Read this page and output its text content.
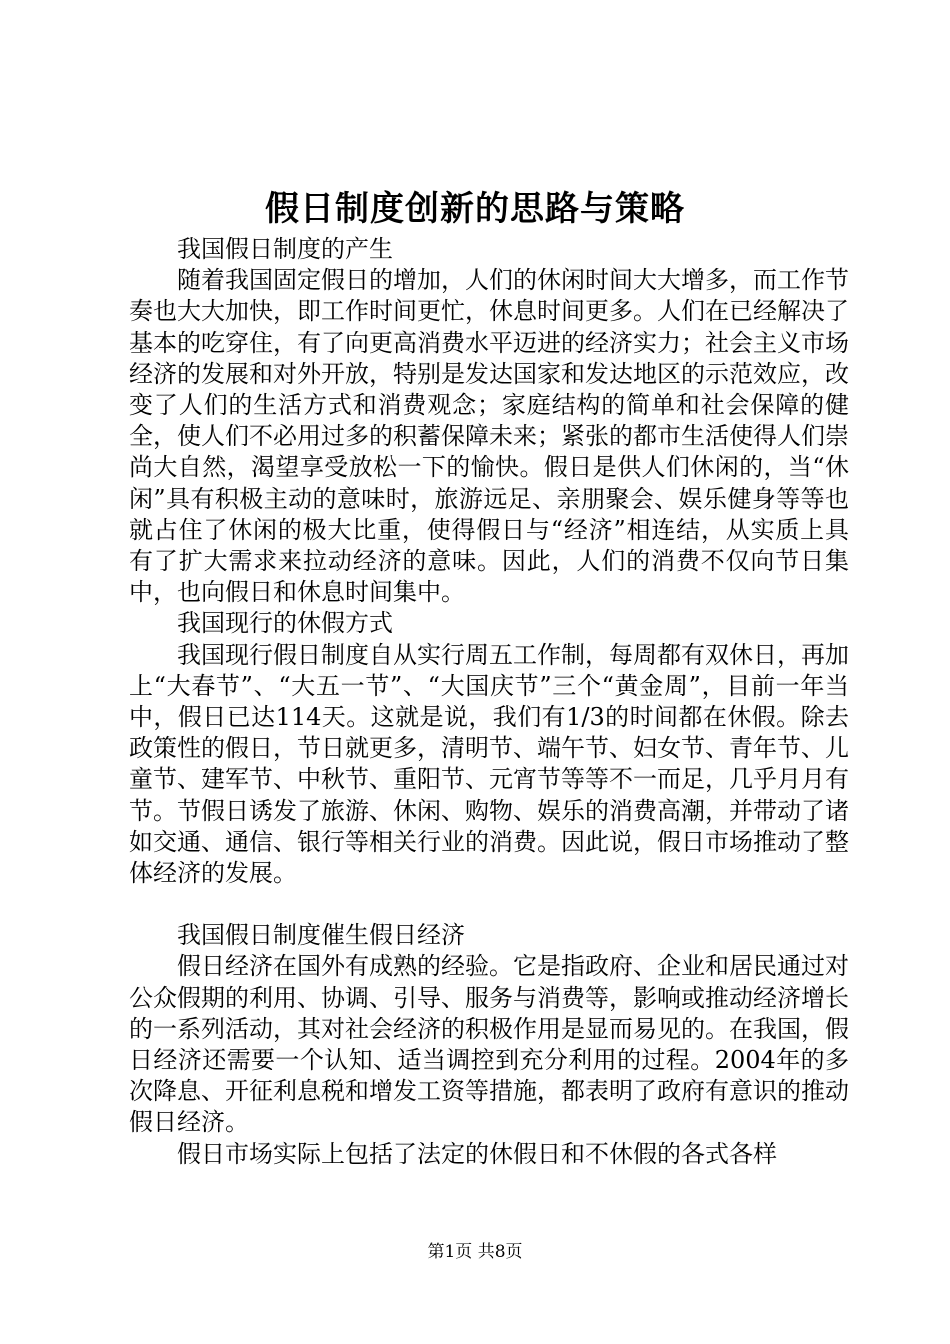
假日制度创新的思路与策略

我国假日制度的产生

随着我国固定假日的增加，人们的休闲时间大大增多，而工作节奏也大大加快，即工作时间更忙，休息时间更多。人们在已经解决了基本的吃穿住，有了向更高消费水平迈进的经济实力；社会主义市场经济的发展和对外开放，特别是发达国家和发达地区的示范效应，改变了人们的生活方式和消费观念；家庭结构的简单和社会保障的健全，使人们不必用过多的积蓄保障未来；紧张的都市生活使得人们崇尚大自然，渴望享受放松一下的愉快。假日是供人们休闲的，当“休闲”具有积极主动的意味时，旅游远足、亲朋聚会、娱乐健身等等也就占住了休闲的极大比重，使得假日与“经济”相连结，从实质上具有了扩大需求来拉动经济的意味。因此，人们的消费不仅向节日集中，也向假日和休息时间集中。

我国现行的休假方式

我国现行假日制度自从实行周五工作制，每周都有双休日，再加上“大春节”、“大五一节”、“大国庆节”三个“黄金周”，目前一年当中，假日已达114天。这就是说，我们有1/3的时间都在休假。除去政策性的假日，节日就更多，清明节、端午节、妇女节、青年节、儿童节、建军节、中秋节、重阳节、元宵节等等不一而足，几乎月月有节。节假日诱发了旅游、休闲、购物、娱乐的消费高潮，并带动了诸如交通、通信、银行等相关行业的消费。因此说，假日市场推动了整体经济的发展。

我国假日制度催生假日经济

假日经济在国外有成熟的经验。它是指政府、企业和居民通过对公众假期的利用、协调、引导、服务与消费等，影响或推动经济增长的一系列活动，其对社会经济的积极作用是显而易见的。在我国，假日经济还需要一个认知、适当调控到充分利用的过程。2004年的多次降息、开征利息税和增发工资等措施，都表明了政府有意识的推动假日经济。

假日市场实际上包括了法定的休假日和不休假的各式各样

第1页 共8页
